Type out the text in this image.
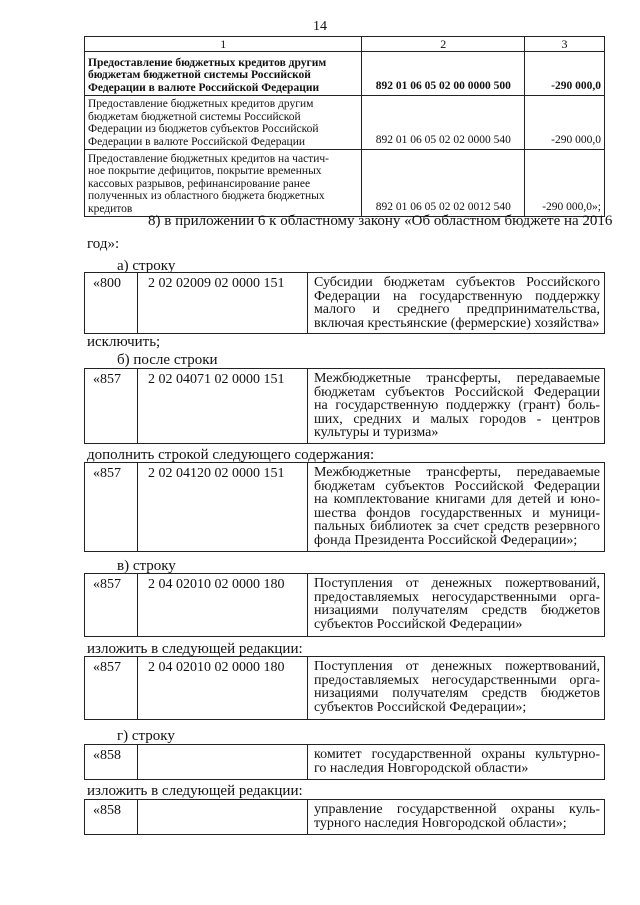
14
1	2	3

Предоставление бюджетных кредитов другим
бюджетам бюджетной системы Российской
Федерации в валюте Российской Федерации	892 01 06 05 02 00 0000 500	-290 000,0

Предоставление бюджетных кредитов другим
бюджетам бюджетной системы Российской
Федерации из бюджетов субъектов Российской
Федерации в валюте Российской Федерации	892 01 06 05 02 02 0000 540	-290 000,0

Предоставление бюджетных кредитов на частич-
ное покрытие дефицитов, покрытие временных
кассовых разрывов, рефинансирование ранее
полученных из областного бюджета бюджетных
кредитов	892 01 06 05 02 02 0012 540	-290 000,0»;
8) в приложении 6 к областному закону «Об областном бюджете на 2016
год»:
а) строку
«800	2 02 02009 02 0000 151	Субсидии бюджетам субъектов Российского
Федерации на государственную поддержку
малого и среднего предпринимательства,
включая крестьянские (фермерские) хозяйства»
исключить;
б) после строки
«857	2 02 04071 02 0000 151	Межбюджетные трансферты, передаваемые
бюджетам субъектов Российской Федерации
на государственную поддержку (грант) боль-
ших, средних и малых городов - центров
культуры и туризма»
дополнить строкой следующего содержания:
«857	2 02 04120 02 0000 151	Межбюджетные трансферты, передаваемые
бюджетам субъектов Российской Федерации
на комплектование книгами для детей и юно-
шества фондов государственных и муници-
пальных библиотек за счет средств резервного
фонда Президента Российской Федерации»;
в) строку
«857	2 04 02010 02 0000 180	Поступления от денежных пожертвований,
предоставляемых негосударственными орга-
низациями получателям средств бюджетов
субъектов Российской Федерации»
изложить в следующей редакции:
«857	2 04 02010 02 0000 180	Поступления от денежных пожертвований,
предоставляемых негосударственными орга-
низациями получателям средств бюджетов
субъектов Российской Федерации»;
г) строку
«858		комитет государственной охраны культурно-
го наследия Новгородской области»
изложить в следующей редакции:
«858		управление государственной охраны куль-
турного наследия Новгородской области»;
